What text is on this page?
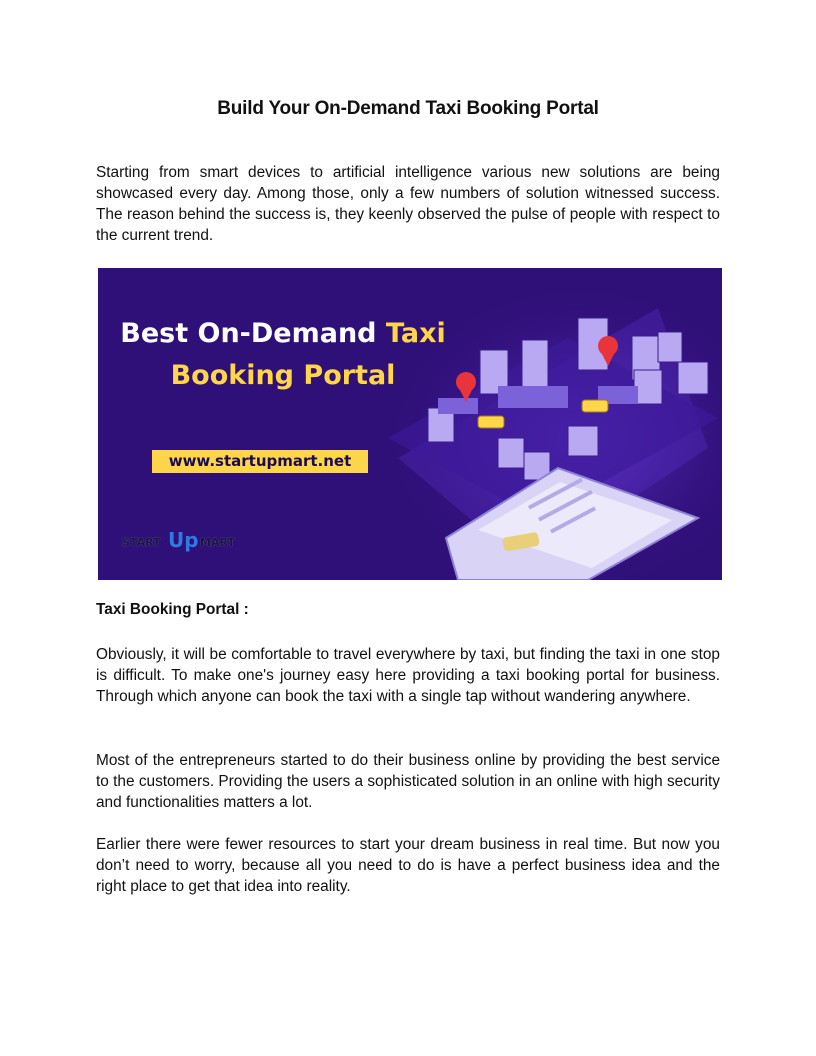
Build Your On-Demand Taxi Booking Portal

Starting from smart devices to artificial intelligence various new solutions are being showcased every day. Among those, only a few numbers of solution witnessed success. The reason behind the success is, they keenly observed the pulse of people with respect to the current trend.

Best On-Demand Taxi

Booking Portal

www.startupmart.net
START Up MART
Taxi Booking Portal :

Obviously, it will be comfortable to travel everywhere by taxi, but finding the taxi in one stop is difficult. To make one's journey easy here providing a taxi booking portal for business. Through which anyone can book the taxi with a single tap without wandering anywhere.

Most of the entrepreneurs started to do their business online by providing the best service to the customers. Providing the users a sophisticated solution in an online with high security and functionalities matters a lot.

Earlier there were fewer resources to start your dream business in real time. But now you don’t need to worry, because all you need to do is have a perfect business idea and the right place to get that idea into reality.
